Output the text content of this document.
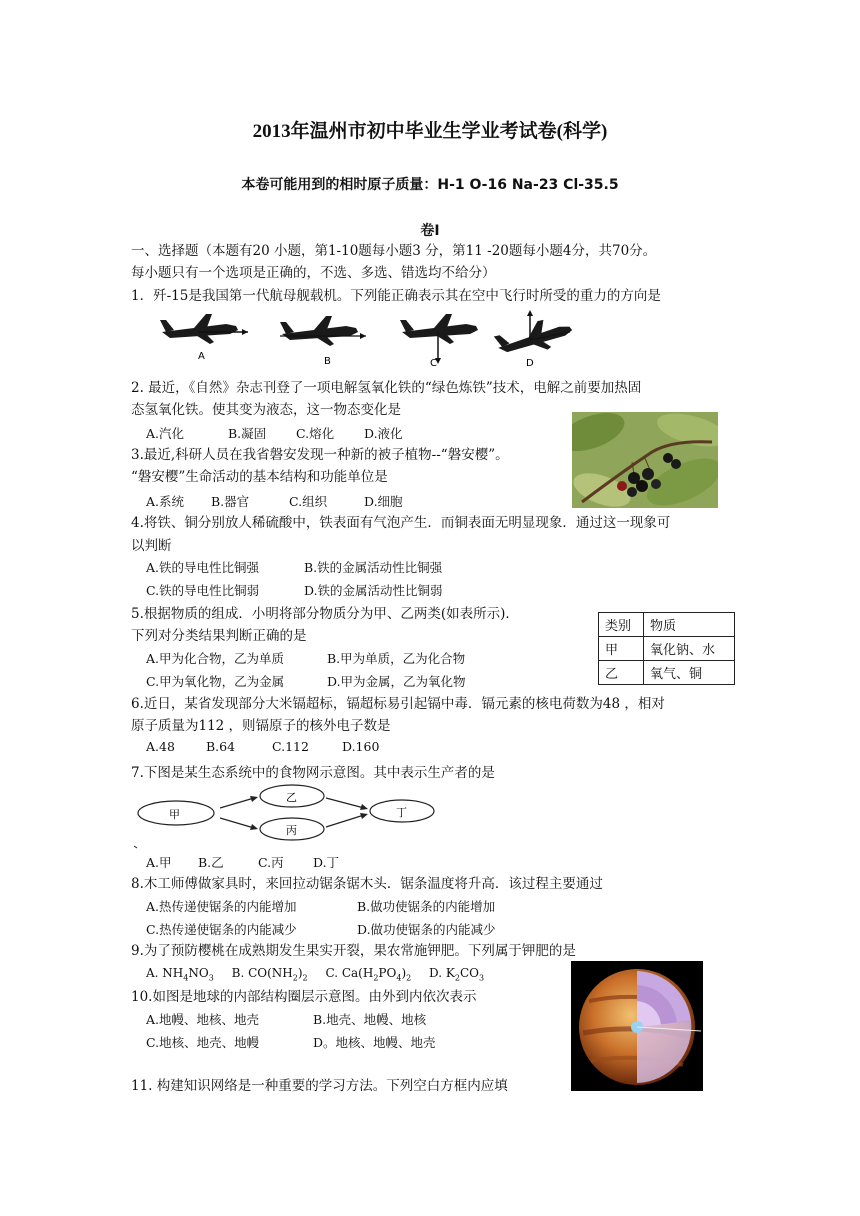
2013年温州市初中毕业生学业考试卷(科学)
本卷可能用到的相时原子质量：H-1 O-16 Na-23 Cl-35.5
卷Ⅰ
一、选择题（本题有20 小题，第1-10题每小题3 分，第11 -20题每小题4分，共70分。
每小题只有一个选项是正确的，不选、多选、错选均不给分）
1．歼-15是我国第一代航母舰载机。下列能正确表示其在空中飞行时所受的重力的方向是
A	B	C	D
2. 最近，《自然》杂志刊登了一项电解氢氧化铁的“绿色炼铁”技术，电解之前要加热固
态氢氧化铁。使其变为液态，这一物态变化是
A.汽化	B.凝固 C.熔化 D.液化
3.最近,科研人员在我省磐安发现一种新的被子植物--“磐安樱”。
“磐安樱”生命活动的基本结构和功能单位是
A.系统 B.器官	C.组织	D.细胞
4.将铁、铜分别放人稀硫酸中，铁表面有气泡产生．而铜表面无明显现象．通过这一现象可
以判断
A.铁的导电性比铜强	B.铁的金属活动性比铜强
C.铁的导电性比铜弱	D.铁的金属活动性比铜弱
5.根据物质的组成．小明将部分物质分为甲、乙两类(如表所示)．
下列对分类结果判断正确的是
A.甲为化合物，乙为单质	B.甲为单质，乙为化合物
C.甲为氧化物，乙为金属	D.甲为金属，乙为氧化物
类别	物质
甲	氧化钠、水
乙	氧气、铜
6.近日，某省发现部分大米镉超标，镉超标易引起镉中毒．镉元素的核电荷数为48 ，相对
原子质量为112 ，则镉原子的核外电子数是
A.48 B.64	C.112	D.160
7.下图是某生态系统中的食物网示意图。其中表示生产者的是
甲
乙
丙
丁
A.甲 B.乙	C.丙 D.丁
8.木工师傅做家具时，来回拉动锯条锯木头．锯条温度将升高．该过程主要通过
A.热传递使锯条的内能增加	B.做功使锯条的内能增加
C.热传递使锯条的内能减少	D.做功使锯条的内能减少
9.为了预防樱桃在成熟期发生果实开裂，果农常施钾肥。下列属于钾肥的是
A. $NH_4NO_3$ B. $CO(NH_2)_2$ C. $Ca(H_2PO_4)_2$ D. $K_2CO_3$
10.如图是地球的内部结构圈层示意图。由外到内依次表示
A.地幔、地核、地壳	B.地壳、地幔、地核
C.地核、地壳、地幔	D。地核、地幔、地壳
11. 构建知识网络是一种重要的学习方法。下列空白方框内应填
